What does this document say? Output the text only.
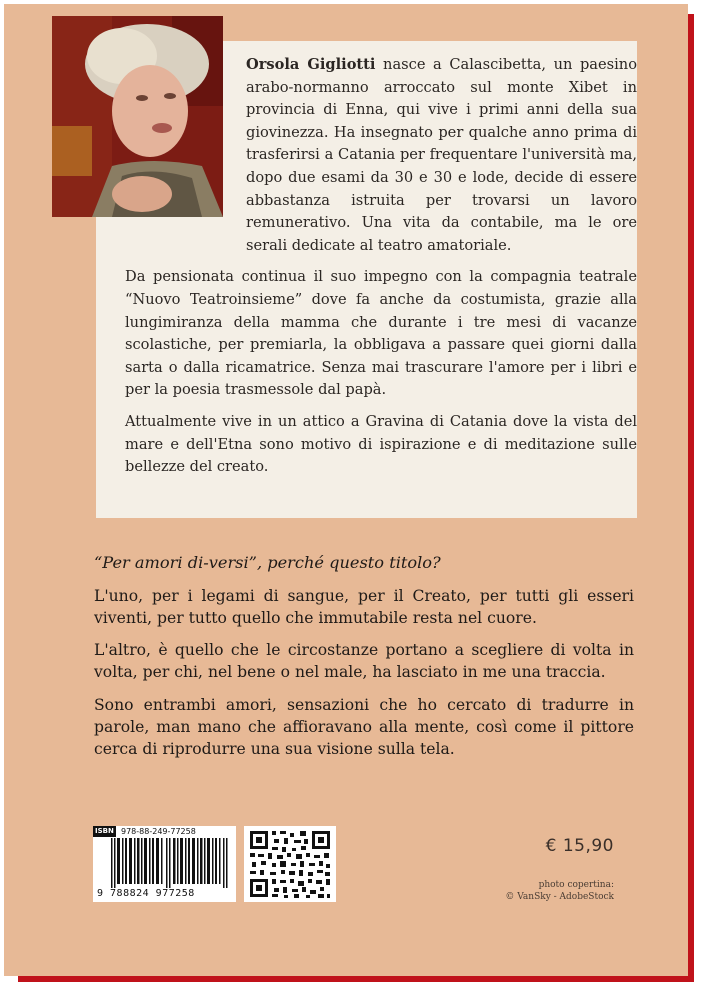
Orsola Gigliotti nasce a Calascibetta, un paesino arabo-normanno arroccato sul monte Xibet in provincia di Enna, qui vive i primi anni della sua giovinezza. Ha insegnato per qualche anno prima di trasferirsi a Catania per frequentare l'università ma, dopo due esami da 30 e 30 e lode, decide di essere abbastanza istruita per trovarsi un lavoro remunerativo. Una vita da contabile, ma le ore serali dedicate al teatro amatoriale.

Da pensionata continua il suo impegno con la compagnia teatrale “Nuovo Teatroinsieme” dove fa anche da costumista, grazie alla lungimiranza della mamma che durante i tre mesi di vacanze scolastiche, per premiarla, la obbligava a passare quei giorni dalla sarta o dalla ricamatrice. Senza mai trascurare l'amore per i libri e per la poesia trasmessole dal papà.

Attualmente vive in un attico a Gravina di Catania dove la vista del mare e dell'Etna sono motivo di ispirazione e di meditazione sulle bellezze del creato.

“Per amori di-versi”, perché questo titolo?

L'uno, per i legami di sangue, per il Creato, per tutti gli esseri viventi, per tutto quello che immutabile resta nel cuore.

L'altro, è quello che le circostanze portano a scegliere di volta in volta, per chi, nel bene o nel male, ha lasciato in me una traccia.

Sono entrambi amori, sensazioni che ho cercato di tradurre in parole, man mano che affioravano alla mente, così come il pittore cerca di riprodurre una sua visione sulla tela.

ISBN 978-88-249-77258
9 788824 977258
€ 15,90
photo copertina:
© VanSky - AdobeStock
